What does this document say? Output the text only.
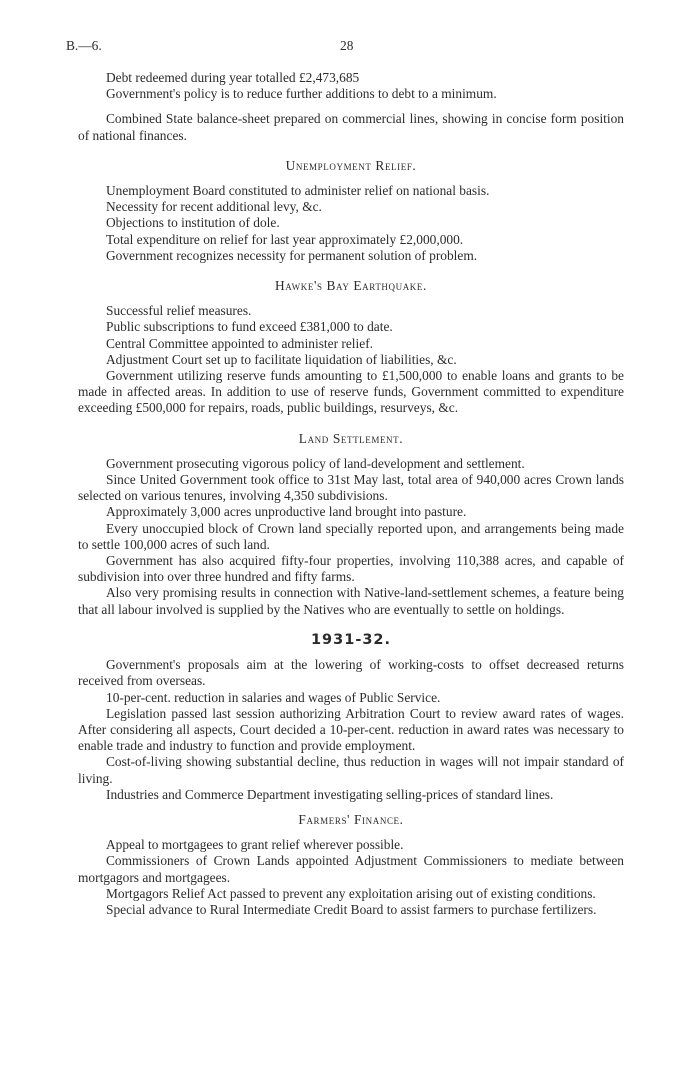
B.—6.	28

Debt redeemed during year totalled £2,473,685

Government's policy is to reduce further additions to debt to a minimum.

Combined State balance-sheet prepared on commercial lines, showing in concise form position of national finances.

Unemployment Relief.

Unemployment Board constituted to administer relief on national basis.

Necessity for recent additional levy, &c.

Objections to institution of dole.

Total expenditure on relief for last year approximately £2,000,000.

Government recognizes necessity for permanent solution of problem.

Hawke's Bay Earthquake.

Successful relief measures.

Public subscriptions to fund exceed £381,000 to date.

Central Committee appointed to administer relief.

Adjustment Court set up to facilitate liquidation of liabilities, &c.

Government utilizing reserve funds amounting to £1,500,000 to enable loans and grants to be made in affected areas. In addition to use of reserve funds, Government committed to expenditure exceeding £500,000 for repairs, roads, public buildings, resurveys, &c.

Land Settlement.

Government prosecuting vigorous policy of land-development and settlement.

Since United Government took office to 31st May last, total area of 940,000 acres Crown lands selected on various tenures, involving 4,350 subdivisions.

Approximately 3,000 acres unproductive land brought into pasture.

Every unoccupied block of Crown land specially reported upon, and arrangements being made to settle 100,000 acres of such land.

Government has also acquired fifty-four properties, involving 110,388 acres, and capable of subdivision into over three hundred and fifty farms.

Also very promising results in connection with Native-land-settlement schemes, a feature being that all labour involved is supplied by the Natives who are eventually to settle on holdings.

1931-32.

Government's proposals aim at the lowering of working-costs to offset decreased returns received from overseas.

10-per-cent. reduction in salaries and wages of Public Service.

Legislation passed last session authorizing Arbitration Court to review award rates of wages. After considering all aspects, Court decided a 10-per-cent. reduction in award rates was necessary to enable trade and industry to function and provide employment.

Cost-of-living showing substantial decline, thus reduction in wages will not impair standard of living.

Industries and Commerce Department investigating selling-prices of standard lines.

Farmers' Finance.

Appeal to mortgagees to grant relief wherever possible.

Commissioners of Crown Lands appointed Adjustment Commissioners to mediate between mortgagors and mortgagees.

Mortgagors Relief Act passed to prevent any exploitation arising out of existing conditions.

Special advance to Rural Intermediate Credit Board to assist farmers to purchase fertilizers.
